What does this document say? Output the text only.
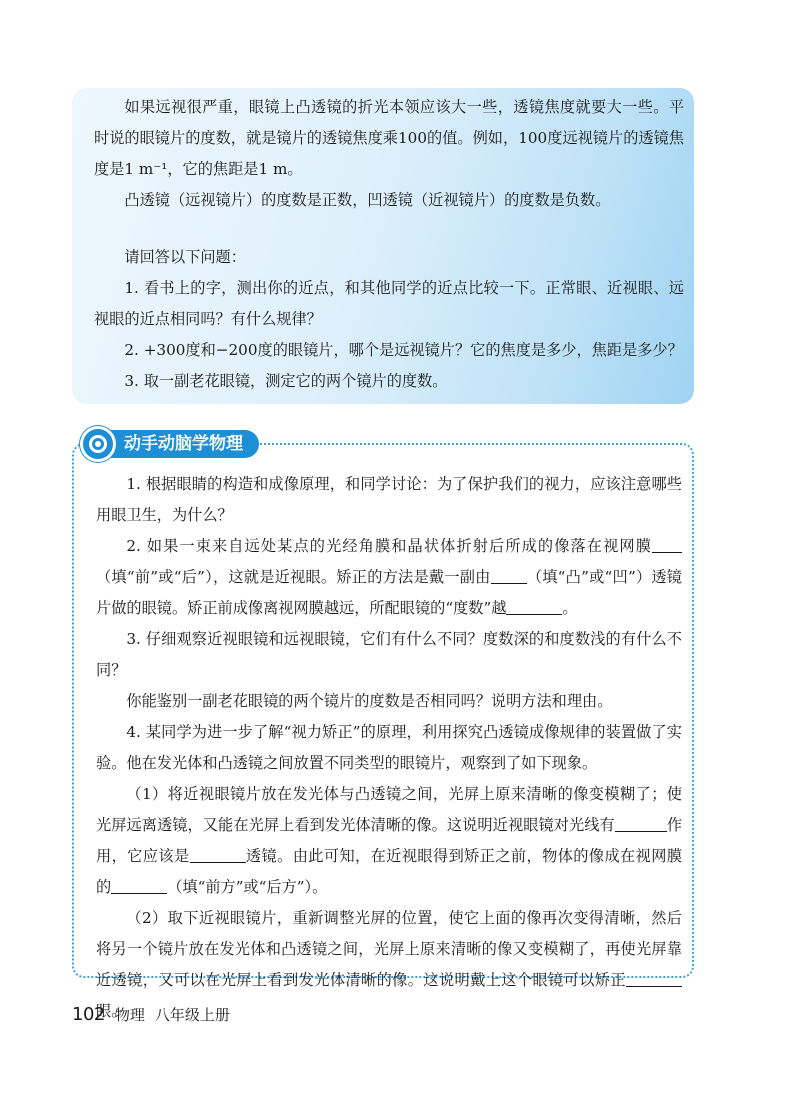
如果远视很严重，眼镜上凸透镜的折光本领应该大一些，透镜焦度就要大一些。平时说的眼镜片的度数，就是镜片的透镜焦度乘100的值。例如，100度远视镜片的透镜焦度是1 m⁻¹，它的焦距是1 m。

凸透镜（远视镜片）的度数是正数，凹透镜（近视镜片）的度数是负数。

请回答以下问题：

1. 看书上的字，测出你的近点，和其他同学的近点比较一下。正常眼、近视眼、远视眼的近点相同吗？有什么规律？

2. +300度和−200度的眼镜片，哪个是远视镜片？它的焦度是多少，焦距是多少？

3. 取一副老花眼镜，测定它的两个镜片的度数。

1. 根据眼睛的构造和成像原理，和同学讨论：为了保护我们的视力，应该注意哪些用眼卫生，为什么？

2. 如果一束来自远处某点的光经角膜和晶状体折射后所成的像落在视网膜（填“前”或“后”），这就是近视眼。矫正的方法是戴一副由 （填“凸”或“凹”）透镜片做的眼镜。矫正前成像离视网膜越远，所配眼镜的“度数”越	。

3. 仔细观察近视眼镜和远视眼镜，它们有什么不同？度数深的和度数浅的有什么不同？

你能鉴别一副老花眼镜的两个镜片的度数是否相同吗？说明方法和理由。

4. 某同学为进一步了解“视力矫正”的原理，利用探究凸透镜成像规律的装置做了实验。他在发光体和凸透镜之间放置不同类型的眼镜片，观察到了如下现象。

（1）将近视眼镜片放在发光体与凸透镜之间，光屏上原来清晰的像变模糊了；使光屏远离透镜，又能在光屏上看到发光体清晰的像。这说明近视眼镜对光线有	作用，它应该是	透镜。由此可知，在近视眼得到矫正之前，物体的像成在视网膜的	（填“前方”或“后方”）。

（2）取下近视眼镜片，重新调整光屏的位置，使它上面的像再次变得清晰，然后将另一个镜片放在发光体和凸透镜之间，光屏上原来清晰的像又变模糊了，再使光屏靠近透镜，又可以在光屏上看到发光体清晰的像。这说明戴上这个眼镜可以矫正眼。

动手动脑学物理
102 物理 八年级上册
